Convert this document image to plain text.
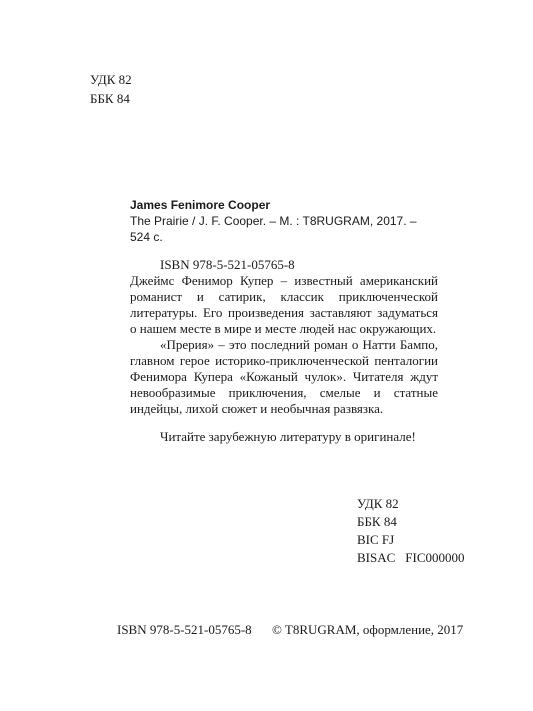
УДК 82
ББК 84
James Fenimore Cooper
The Prairie / J. F. Cooper. – M. : T8RUGRAM, 2017. –
524 с.
ISBN 978-5-521-05765-8

Джеймс Фенимор Купер – известный американский романист и сатирик, классик приключенческой литературы. Его произведения заставляют задуматься о нашем месте в мире и месте людей нас окружающих.

«Прерия» – это последний роман о Натти Бампо, главном герое историко-приключенческой пенталогии Фенимора Купера «Кожаный чулок». Читателя ждут невообразимые приключения, смелые и статные индейцы, лихой сюжет и необычная развязка.

Читайте зарубежную литературу в оригинале!
УДК 82
ББК 84
BIC FJ
BISAC FIC000000
ISBN 978-5-521-05765-8 © T8RUGRAM, оформление, 2017
